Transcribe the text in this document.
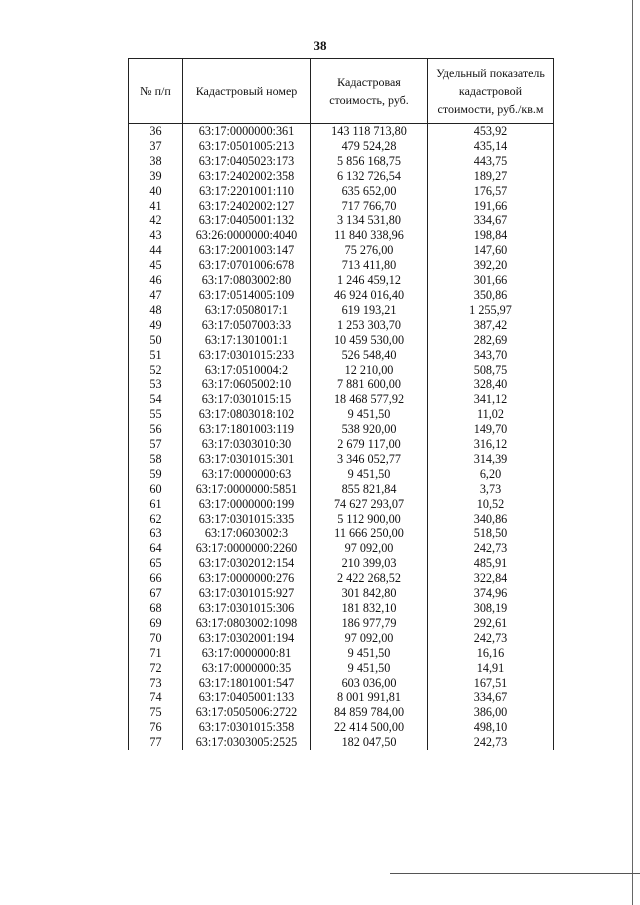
38
№ п/п	Кадастровый номер	Кадастровая стоимость, руб.	Удельный показатель кадастровой стоимости, руб./кв.м
36	63:17:0000000:361	143 118 713,80	453,92
37	63:17:0501005:213	479 524,28	435,14
38	63:17:0405023:173	5 856 168,75	443,75
39	63:17:2402002:358	6 132 726,54	189,27
40	63:17:2201001:110	635 652,00	176,57
41	63:17:2402002:127	717 766,70	191,66
42	63:17:0405001:132	3 134 531,80	334,67
43	63:26:0000000:4040	11 840 338,96	198,84
44	63:17:2001003:147	75 276,00	147,60
45	63:17:0701006:678	713 411,80	392,20
46	63:17:0803002:80	1 246 459,12	301,66
47	63:17:0514005:109	46 924 016,40	350,86
48	63:17:0508017:1	619 193,21	1 255,97
49	63:17:0507003:33	1 253 303,70	387,42
50	63:17:1301001:1	10 459 530,00	282,69
51	63:17:0301015:233	526 548,40	343,70
52	63:17:0510004:2	12 210,00	508,75
53	63:17:0605002:10	7 881 600,00	328,40
54	63:17:0301015:15	18 468 577,92	341,12
55	63:17:0803018:102	9 451,50	11,02
56	63:17:1801003:119	538 920,00	149,70
57	63:17:0303010:30	2 679 117,00	316,12
58	63:17:0301015:301	3 346 052,77	314,39
59	63:17:0000000:63	9 451,50	6,20
60	63:17:0000000:5851	855 821,84	3,73
61	63:17:0000000:199	74 627 293,07	10,52
62	63:17:0301015:335	5 112 900,00	340,86
63	63:17:0603002:3	11 666 250,00	518,50
64	63:17:0000000:2260	97 092,00	242,73
65	63:17:0302012:154	210 399,03	485,91
66	63:17:0000000:276	2 422 268,52	322,84
67	63:17:0301015:927	301 842,80	374,96
68	63:17:0301015:306	181 832,10	308,19
69	63:17:0803002:1098	186 977,79	292,61
70	63:17:0302001:194	97 092,00	242,73
71	63:17:0000000:81	9 451,50	16,16
72	63:17:0000000:35	9 451,50	14,91
73	63:17:1801001:547	603 036,00	167,51
74	63:17:0405001:133	8 001 991,81	334,67
75	63:17:0505006:2722	84 859 784,00	386,00
76	63:17:0301015:358	22 414 500,00	498,10
77	63:17:0303005:2525	182 047,50	242,73
